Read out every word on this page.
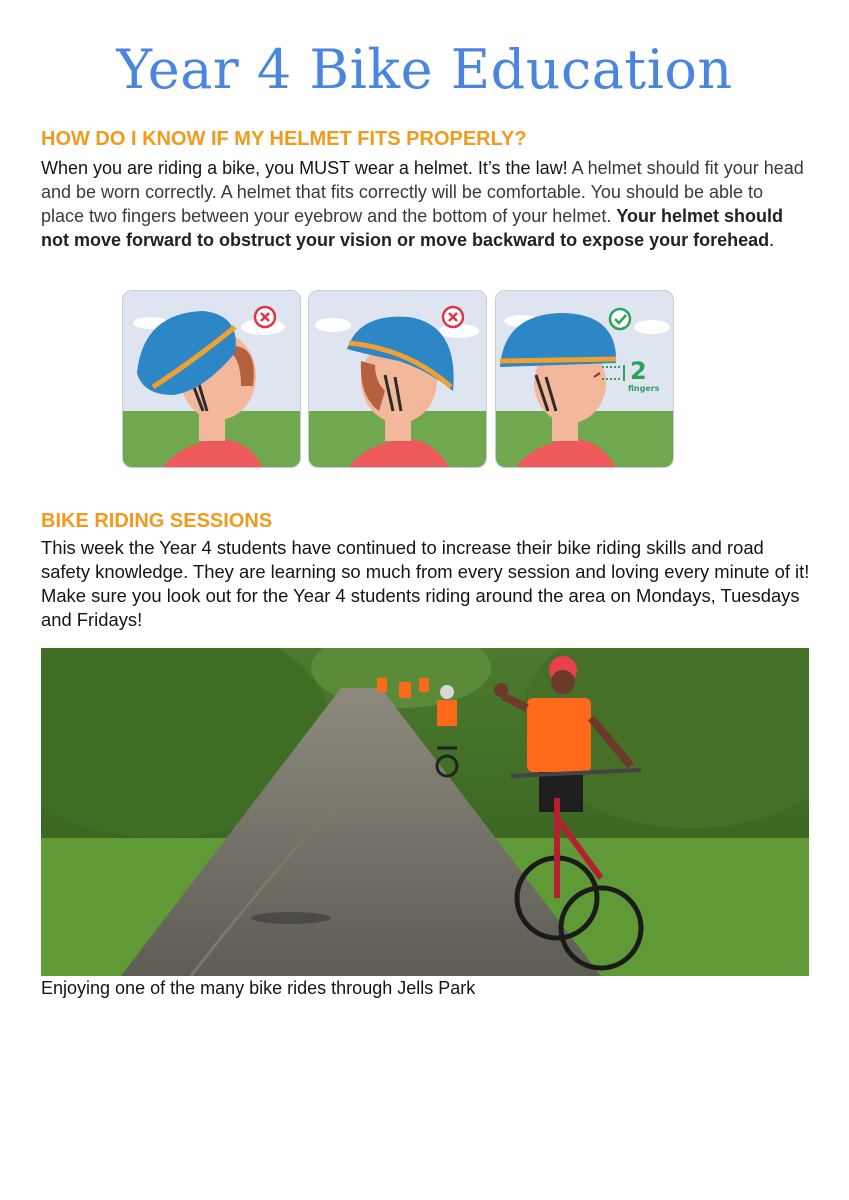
Year 4 Bike Education
HOW DO I KNOW IF MY HELMET FITS PROPERLY?
When you are riding a bike, you MUST wear a helmet. It’s the law! A helmet should fit your head and be worn correctly. A helmet that fits correctly will be comfortable. You should be able to place two fingers between your eyebrow and the bottom of your helmet. Your helmet should not move forward to obstruct your vision or move backward to expose your forehead.
2
fingers
BIKE RIDING SESSIONS
This week the Year 4 students have continued to increase their bike riding skills and road safety knowledge. They are learning so much from every session and loving every minute of it! Make sure you look out for the Year 4 students riding around the area on Mondays, Tuesdays and Fridays!
Enjoying one of the many bike rides through Jells Park
